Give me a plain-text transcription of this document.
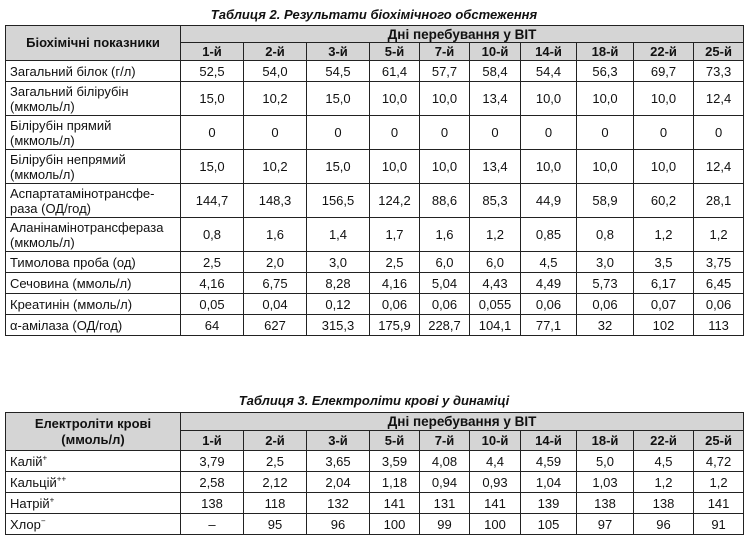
Таблиця 2. Результати біохімічного обстеження
Біохімічні показники	Дні перебування у ВІТ									
	1-й	2-й	3-й	5-й	7-й	10-й	14-й	18-й	22-й	25-й

Загальний білок (г/л)	52,5	54,0	54,5	61,4	57,7	58,4	54,4	56,3	69,7	73,3

Загальний білірубін
(мкмоль/л)	15,0	10,2	15,0	10,0	10,0	13,4	10,0	10,0	10,0	12,4

Білірубін прямий
(мкмоль/л)	0	0	0	0	0	0	0	0	0	0

Білірубін непрямий
(мкмоль/л)	15,0	10,2	15,0	10,0	10,0	13,4	10,0	10,0	10,0	12,4

Аспартатамінотрансфе-
раза (ОД/год)	144,7	148,3	156,5	124,2	88,6	85,3	44,9	58,9	60,2	28,1

Аланінамінотрансфераза
(мкмоль/л)	0,8	1,6	1,4	1,7	1,6	1,2	0,85	0,8	1,2	1,2

Тимолова проба (од)	2,5	2,0	3,0	2,5	6,0	6,0	4,5	3,0	3,5	3,75

Сечовина (ммоль/л)	4,16	6,75	8,28	4,16	5,04	4,43	4,49	5,73	6,17	6,45

Креатинін (ммоль/л)	0,05	0,04	0,12	0,06	0,06	0,055	0,06	0,06	0,07	0,06

α-амілаза (ОД/год)	64	627	315,3	175,9	228,7	104,1	77,1	32	102	113
Таблиця 3. Електроліти крові у динаміці
Електроліти крові
(ммоль/л)	Дні перебування у ВІТ									
	1-й	2-й	3-й	5-й	7-й	10-й	14-й	18-й	22-й	25-й
Калій+	3,79	2,5	3,65	3,59	4,08	4,4	4,59	5,0	4,5	4,72
Кальцій++	2,58	2,12	2,04	1,18	0,94	0,93	1,04	1,03	1,2	1,2
Натрій+	138	118	132	141	131	141	139	138	138	141
Хлор−	–	95	96	100	99	100	105	97	96	91
